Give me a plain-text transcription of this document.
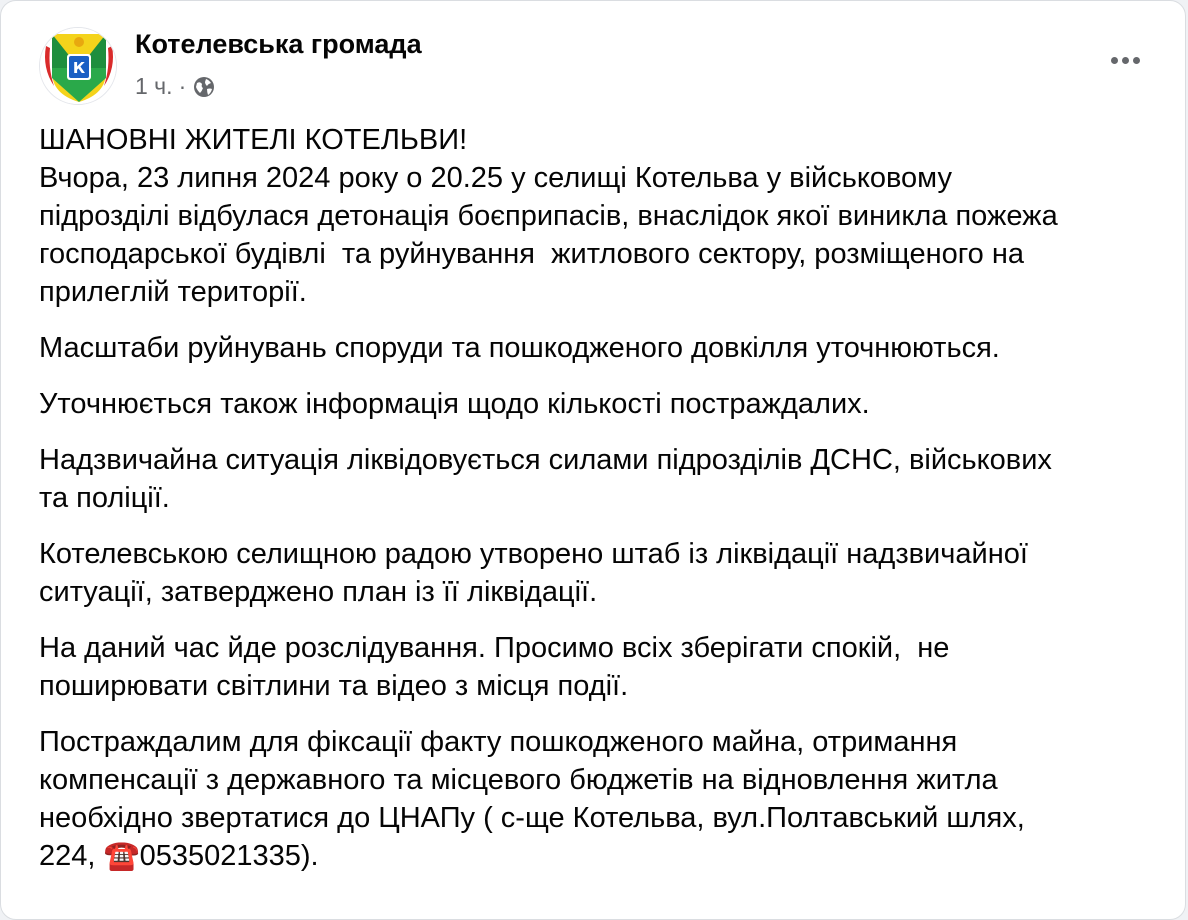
К
Котелевська громада
1 ч. ·

ШАНОВНІ ЖИТЕЛІ КОТЕЛЬВИ!
Вчора, 23 липня 2024 року о 20.25 у селищі Котельва у військовому
підрозділі відбулася детонація боєприпасів, внаслідок якої виникла пожежа
господарської будівлі  та руйнування  житлового сектору, розміщеного на
прилеглій території.

Масштаби руйнувань споруди та пошкодженого довкілля уточнюються.

Уточнюється також інформація щодо кількості постраждалих.

Надзвичайна ситуація ліквідовується силами підрозділів ДСНС, військових
та поліції.

Котелевською селищною радою утворено штаб із ліквідації надзвичайної
ситуації, затверджено план із її ліквідації.

На даний час йде розслідування. Просимо всіх зберігати спокій,  не
поширювати світлини та відео з місця події.

Постраждалим для фіксації факту пошкодженого майна, отримання
компенсації з державного та місцевого бюджетів на відновлення житла
необхідно звертатися до ЦНАПу ( с-ще Котельва, вул.Полтавський шлях,
224, ☎️0535021335).
